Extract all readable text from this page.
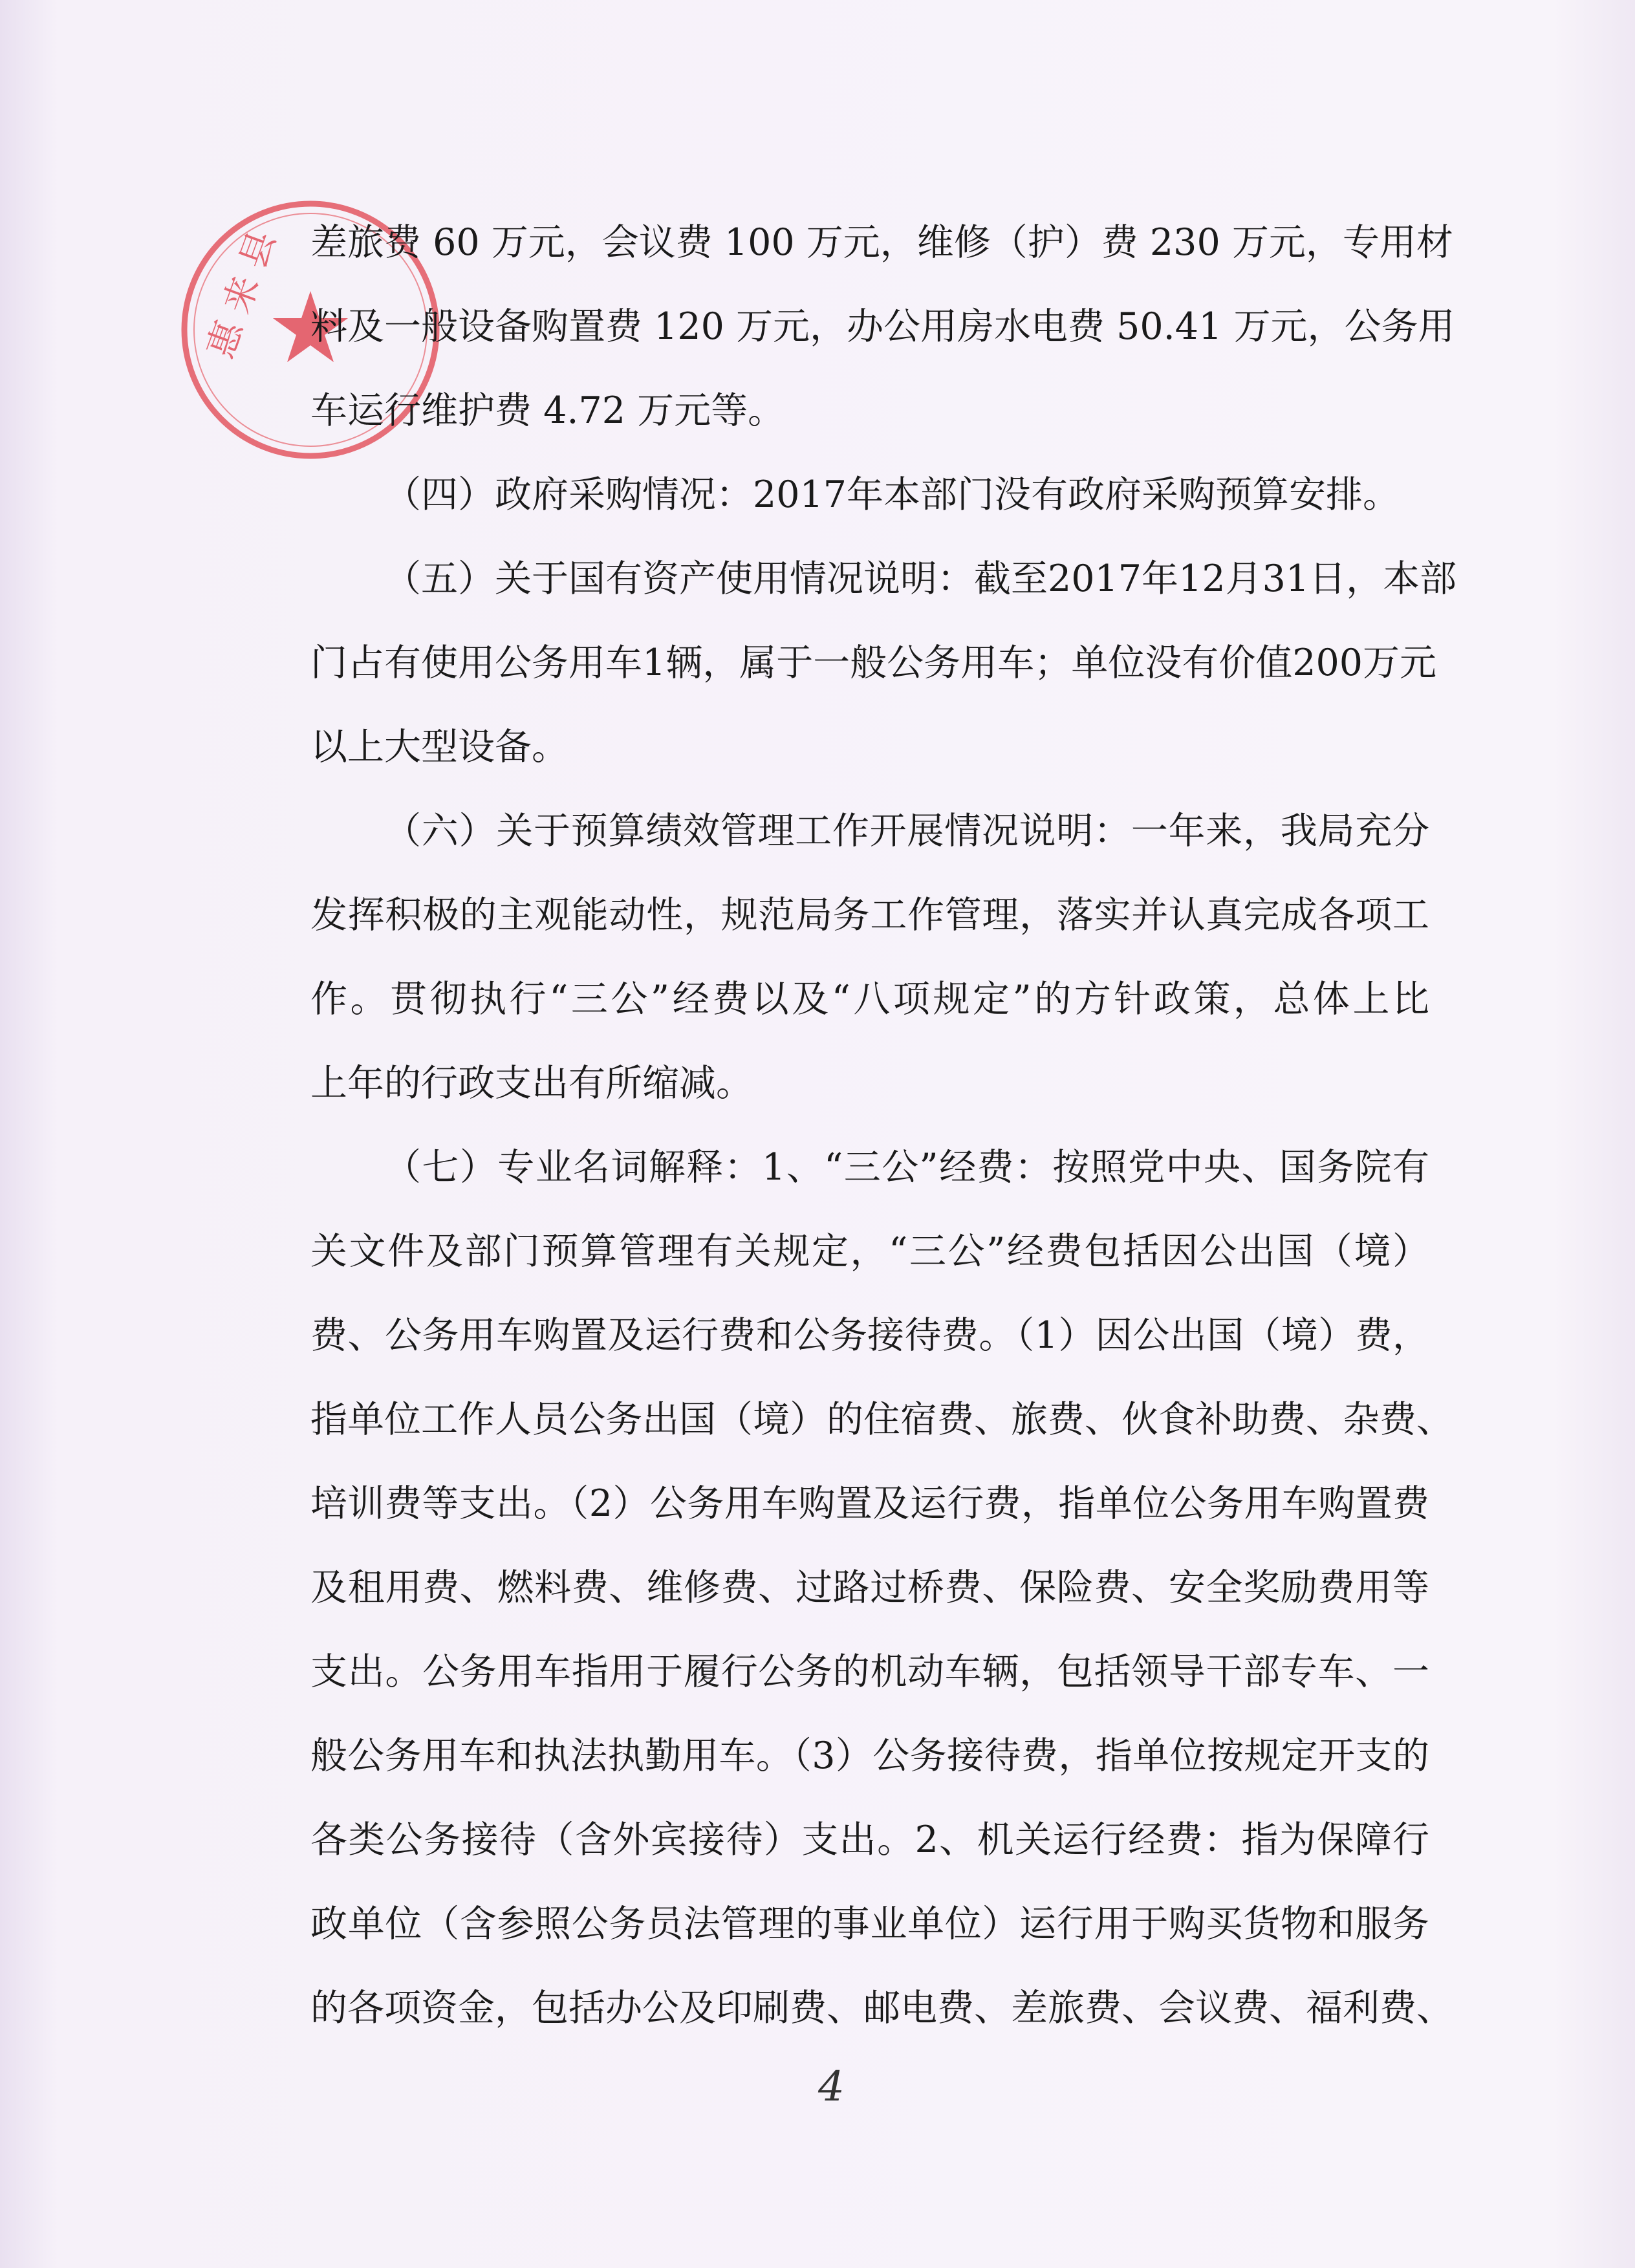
惠 来 县 差旅费 60 万元，会议费 100 万元，维修（护）费 230 万元，专用材
料及一般设备购置费 120 万元，办公用房水电费 50.41 万元，公务用
车运行维护费 4.72 万元等。
（四）政府采购情况：2017年本部门没有政府采购预算安排。
（五）关于国有资产使用情况说明：截至2017年12月31日，本部
门占有使用公务用车1辆，属于一般公务用车；单位没有价值200万元
以上大型设备。
（六）关于预算绩效管理工作开展情况说明：一年来，我局充分
发挥积极的主观能动性，规范局务工作管理，落实并认真完成各项工
作。贯彻执行“三公”经费以及“八项规定”的方针政策，总体上比
上年的行政支出有所缩减。
（七）专业名词解释：1、“三公”经费：按照党中央、国务院有
关文件及部门预算管理有关规定，“三公”经费包括因公出国（境）
费、公务用车购置及运行费和公务接待费。（1）因公出国（境）费，
指单位工作人员公务出国（境）的住宿费、旅费、伙食补助费、杂费、
培训费等支出。（2）公务用车购置及运行费，指单位公务用车购置费
及租用费、燃料费、维修费、过路过桥费、保险费、安全奖励费用等
支出。公务用车指用于履行公务的机动车辆，包括领导干部专车、一
般公务用车和执法执勤用车。（3）公务接待费，指单位按规定开支的
各类公务接待（含外宾接待）支出。2、机关运行经费：指为保障行
政单位（含参照公务员法管理的事业单位）运行用于购买货物和服务
的各项资金，包括办公及印刷费、邮电费、差旅费、会议费、福利费、
4
